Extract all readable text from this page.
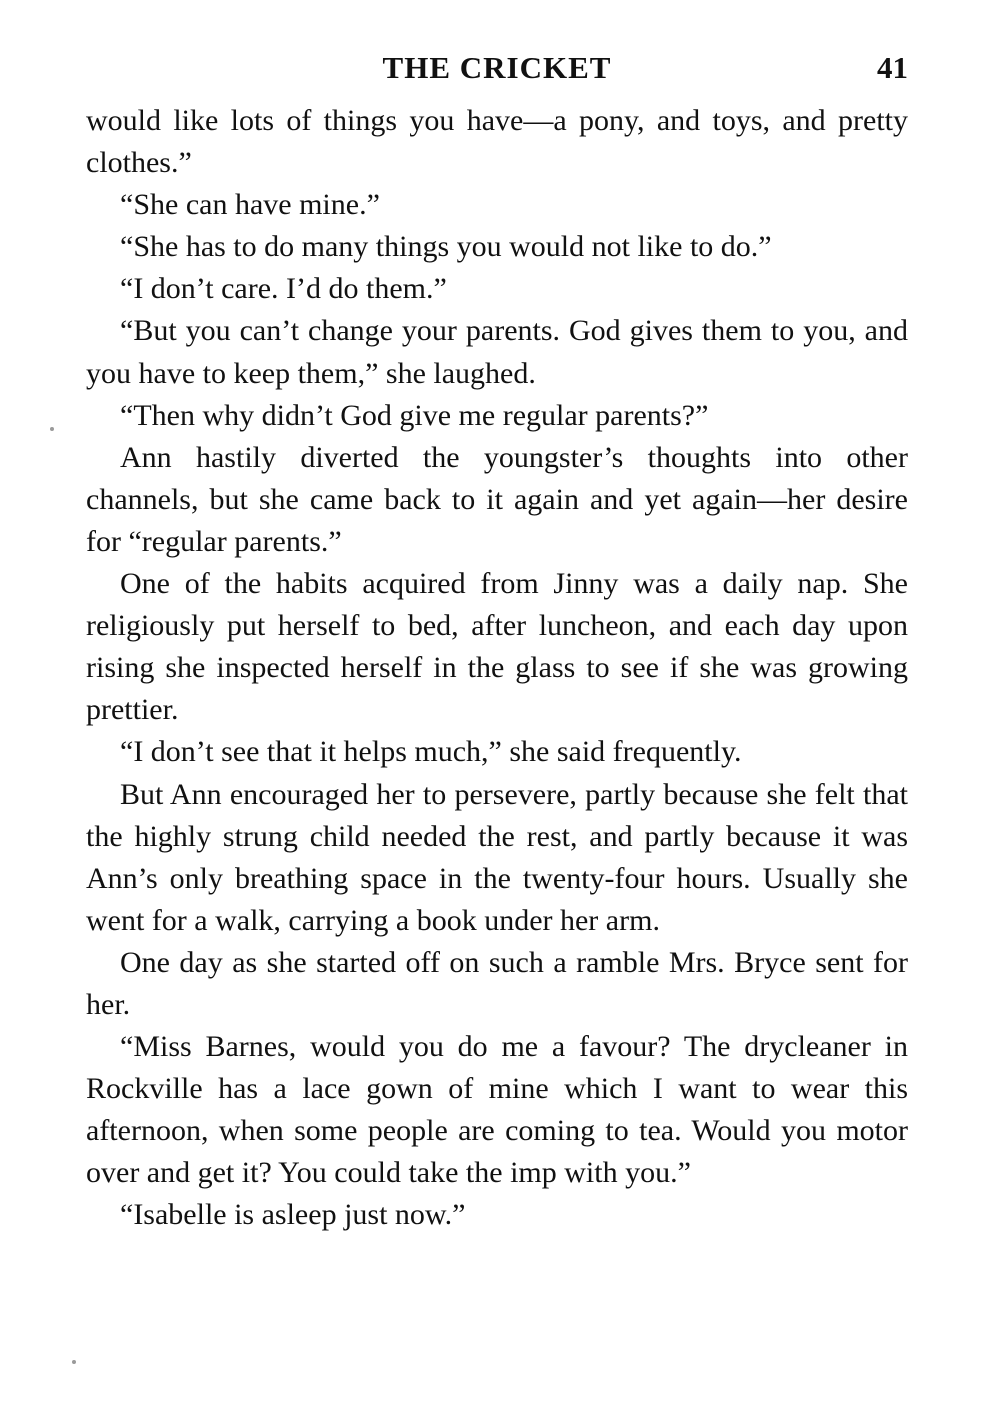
THE CRICKET	41

would like lots of things you have—a pony, and toys, and pretty clothes.”

“She can have mine.”

“She has to do many things you would not like to do.”

“I don’t care. I’d do them.”

“But you can’t change your parents. God gives them to you, and you have to keep them,” she laughed.

“Then why didn’t God give me regular parents?”

Ann hastily diverted the youngster’s thoughts into other channels, but she came back to it again and yet again—her desire for “regular parents.”

One of the habits acquired from Jinny was a daily nap. She religiously put herself to bed, after luncheon, and each day upon rising she inspected herself in the glass to see if she was growing prettier.

“I don’t see that it helps much,” she said frequently.

But Ann encouraged her to persevere, partly because she felt that the highly strung child needed the rest, and partly because it was Ann’s only breathing space in the twenty-four hours. Usually she went for a walk, carrying a book under her arm.

One day as she started off on such a ramble Mrs. Bryce sent for her.

“Miss Barnes, would you do me a favour? The drycleaner in Rockville has a lace gown of mine which I want to wear this afternoon, when some people are coming to tea. Would you motor over and get it? You could take the imp with you.”

“Isabelle is asleep just now.”
